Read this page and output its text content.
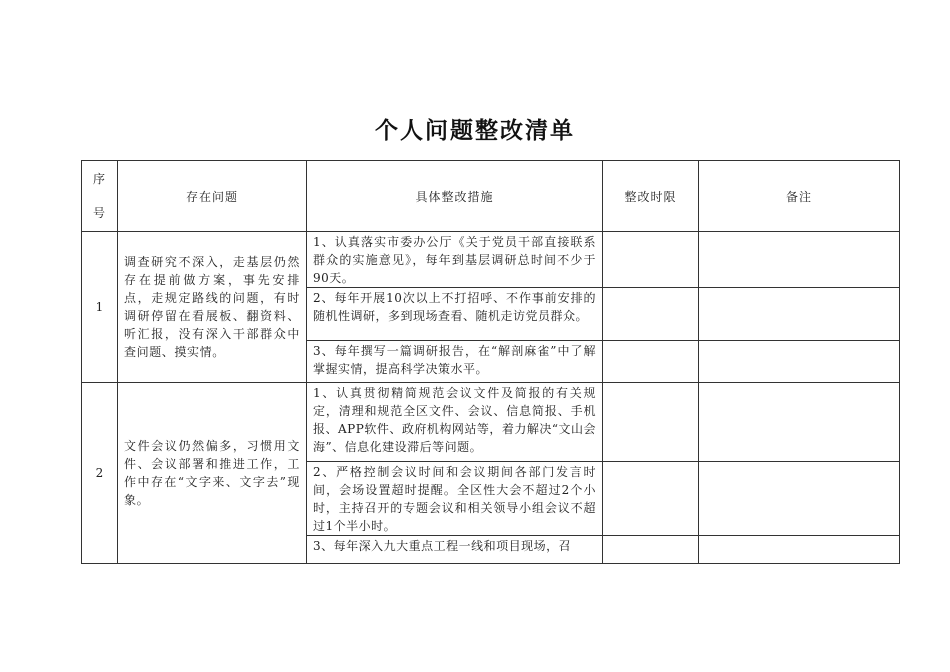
个人问题整改清单
序
号	存在问题	具体整改措施	整改时限	备注
1	调查研究不深入，走基层仍然存在提前做方案，事先安排点，走规定路线的问题，有时调研停留在看展板、翻资料、听汇报，没有深入干部群众中查问题、摸实情。	1、认真落实市委办公厅《关于党员干部直接联系群众的实施意见》，每年到基层调研总时间不少于90天。		
		2、每年开展10次以上不打招呼、不作事前安排的随机性调研，多到现场查看、随机走访党员群众。		
		3、每年撰写一篇调研报告，在“解剖麻雀”中了解掌握实情，提高科学决策水平。		
2	文件会议仍然偏多，习惯用文件、会议部署和推进工作，工作中存在“文字来、文字去”现象。	1、认真贯彻精简规范会议文件及简报的有关规定，清理和规范全区文件、会议、信息简报、手机报、APP软件、政府机构网站等，着力解决“文山会海”、信息化建设滞后等问题。		
		2、严格控制会议时间和会议期间各部门发言时间，会场设置超时提醒。全区性大会不超过2个小时，主持召开的专题会议和相关领导小组会议不超过1个半小时。		
		3、每年深入九大重点工程一线和项目现场，召		
